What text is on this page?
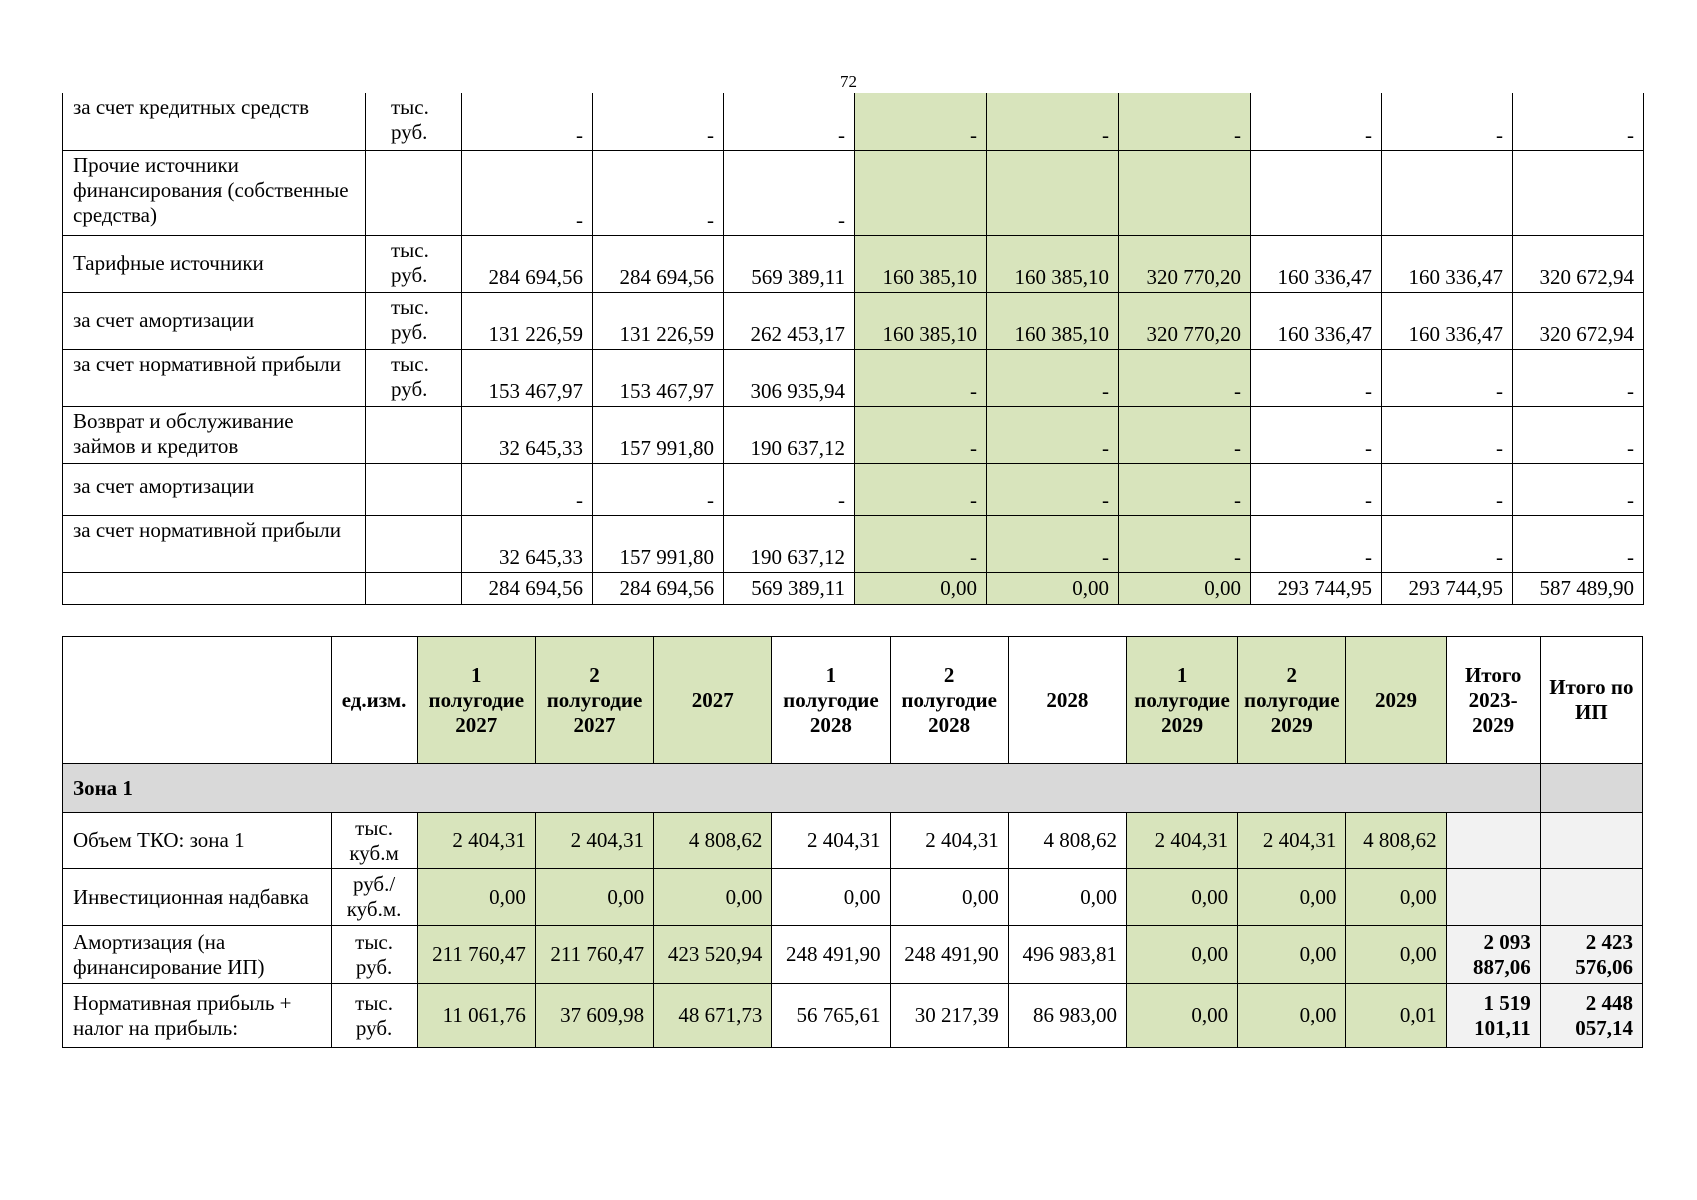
72
за счет кредитных средств	тыс. руб.	-	-	-	-	-	-	-	-	-
Прочие источники финансирования (собственные средства)		-	-	-						
Тарифные источники	тыс. руб.	284 694,56	284 694,56	569 389,11	160 385,10	160 385,10	320 770,20	160 336,47	160 336,47	320 672,94
за счет амортизации	тыс. руб.	131 226,59	131 226,59	262 453,17	160 385,10	160 385,10	320 770,20	160 336,47	160 336,47	320 672,94
за счет нормативной прибыли	тыс. руб.	153 467,97	153 467,97	306 935,94	-	-	-	-	-	-
Возврат и обслуживание займов и кредитов		32 645,33	157 991,80	190 637,12	-	-	-	-	-	-
за счет амортизации		-	-	-	-	-	-	-	-	-
за счет нормативной прибыли		32 645,33	157 991,80	190 637,12	-	-	-	-	-	-
		284 694,56	284 694,56	569 389,11	0,00	0,00	0,00	293 744,95	293 744,95	587 489,90
	ед.изм.	1 полугодие 2027	2 полугодие 2027	2027	1 полугодие 2028	2 полугодие 2028	2028	1 полугодие 2029	2 полугодие 2029	2029	Итого 2023-2029	Итого по ИП
Зона 1												
Объем ТКО: зона 1	тыс. куб.м	2 404,31	2 404,31	4 808,62	2 404,31	2 404,31	4 808,62	2 404,31	2 404,31	4 808,62		
Инвестиционная надбавка	руб./куб.м.	0,00	0,00	0,00	0,00	0,00	0,00	0,00	0,00	0,00		
Амортизация (на финансирование ИП)	тыс. руб.	211 760,47	211 760,47	423 520,94	248 491,90	248 491,90	496 983,81	0,00	0,00	0,00	2 093 887,06	2 423 576,06
Нормативная прибыль + налог на прибыль:	тыс. руб.	11 061,76	37 609,98	48 671,73	56 765,61	30 217,39	86 983,00	0,00	0,00	0,01	1 519 101,11	2 448 057,14
